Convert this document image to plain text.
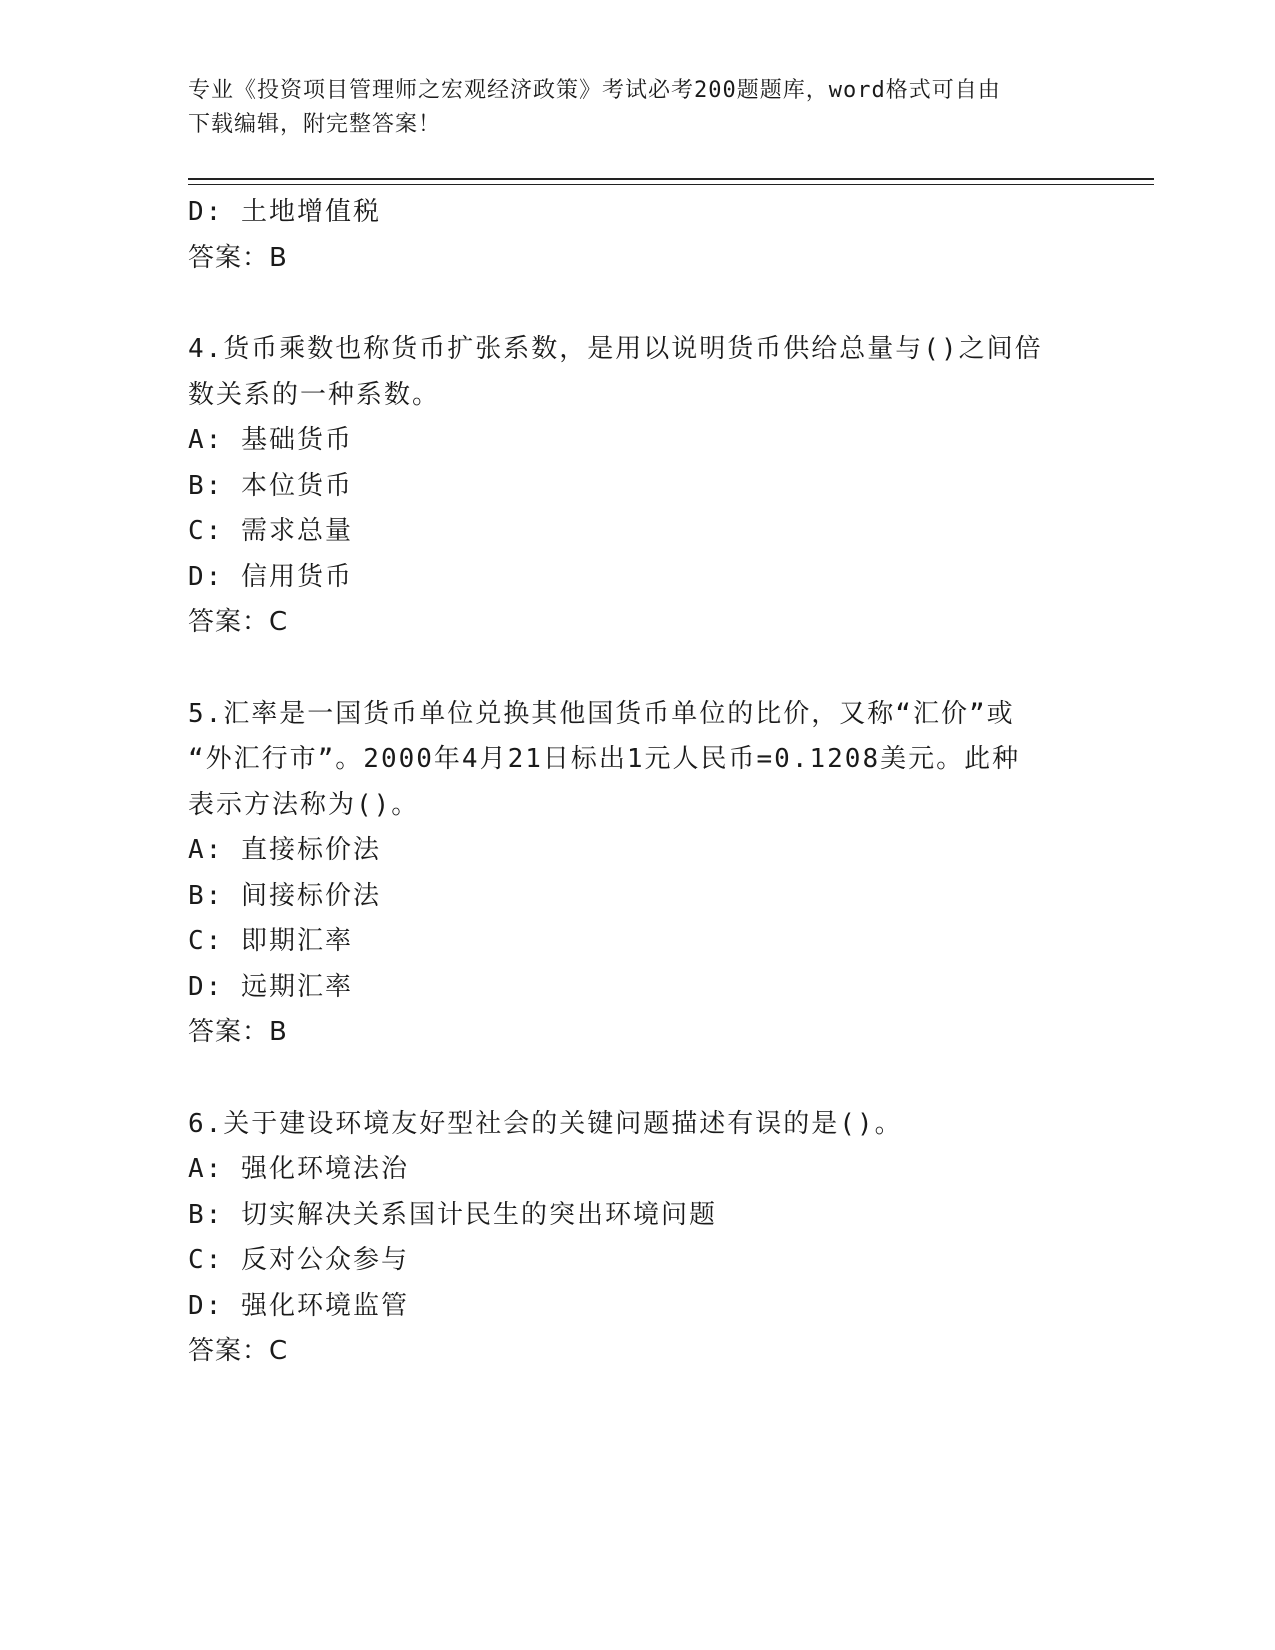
专业《投资项目管理师之宏观经济政策》考试必考200题题库，word格式可自由
下载编辑，附完整答案！
D: 土地增值税
答案：B
4.货币乘数也称货币扩张系数，是用以说明货币供给总量与()之间倍
数关系的一种系数。
A: 基础货币
B: 本位货币
C: 需求总量
D: 信用货币
答案：C
5.汇率是一国货币单位兑换其他国货币单位的比价，又称“汇价”或
“外汇行市”。2000年4月21日标出1元人民币=0.1208美元。此种
表示方法称为()。
A: 直接标价法
B: 间接标价法
C: 即期汇率
D: 远期汇率
答案：B
6.关于建设环境友好型社会的关键问题描述有误的是()。
A: 强化环境法治
B: 切实解决关系国计民生的突出环境问题
C: 反对公众参与
D: 强化环境监管
答案：C
